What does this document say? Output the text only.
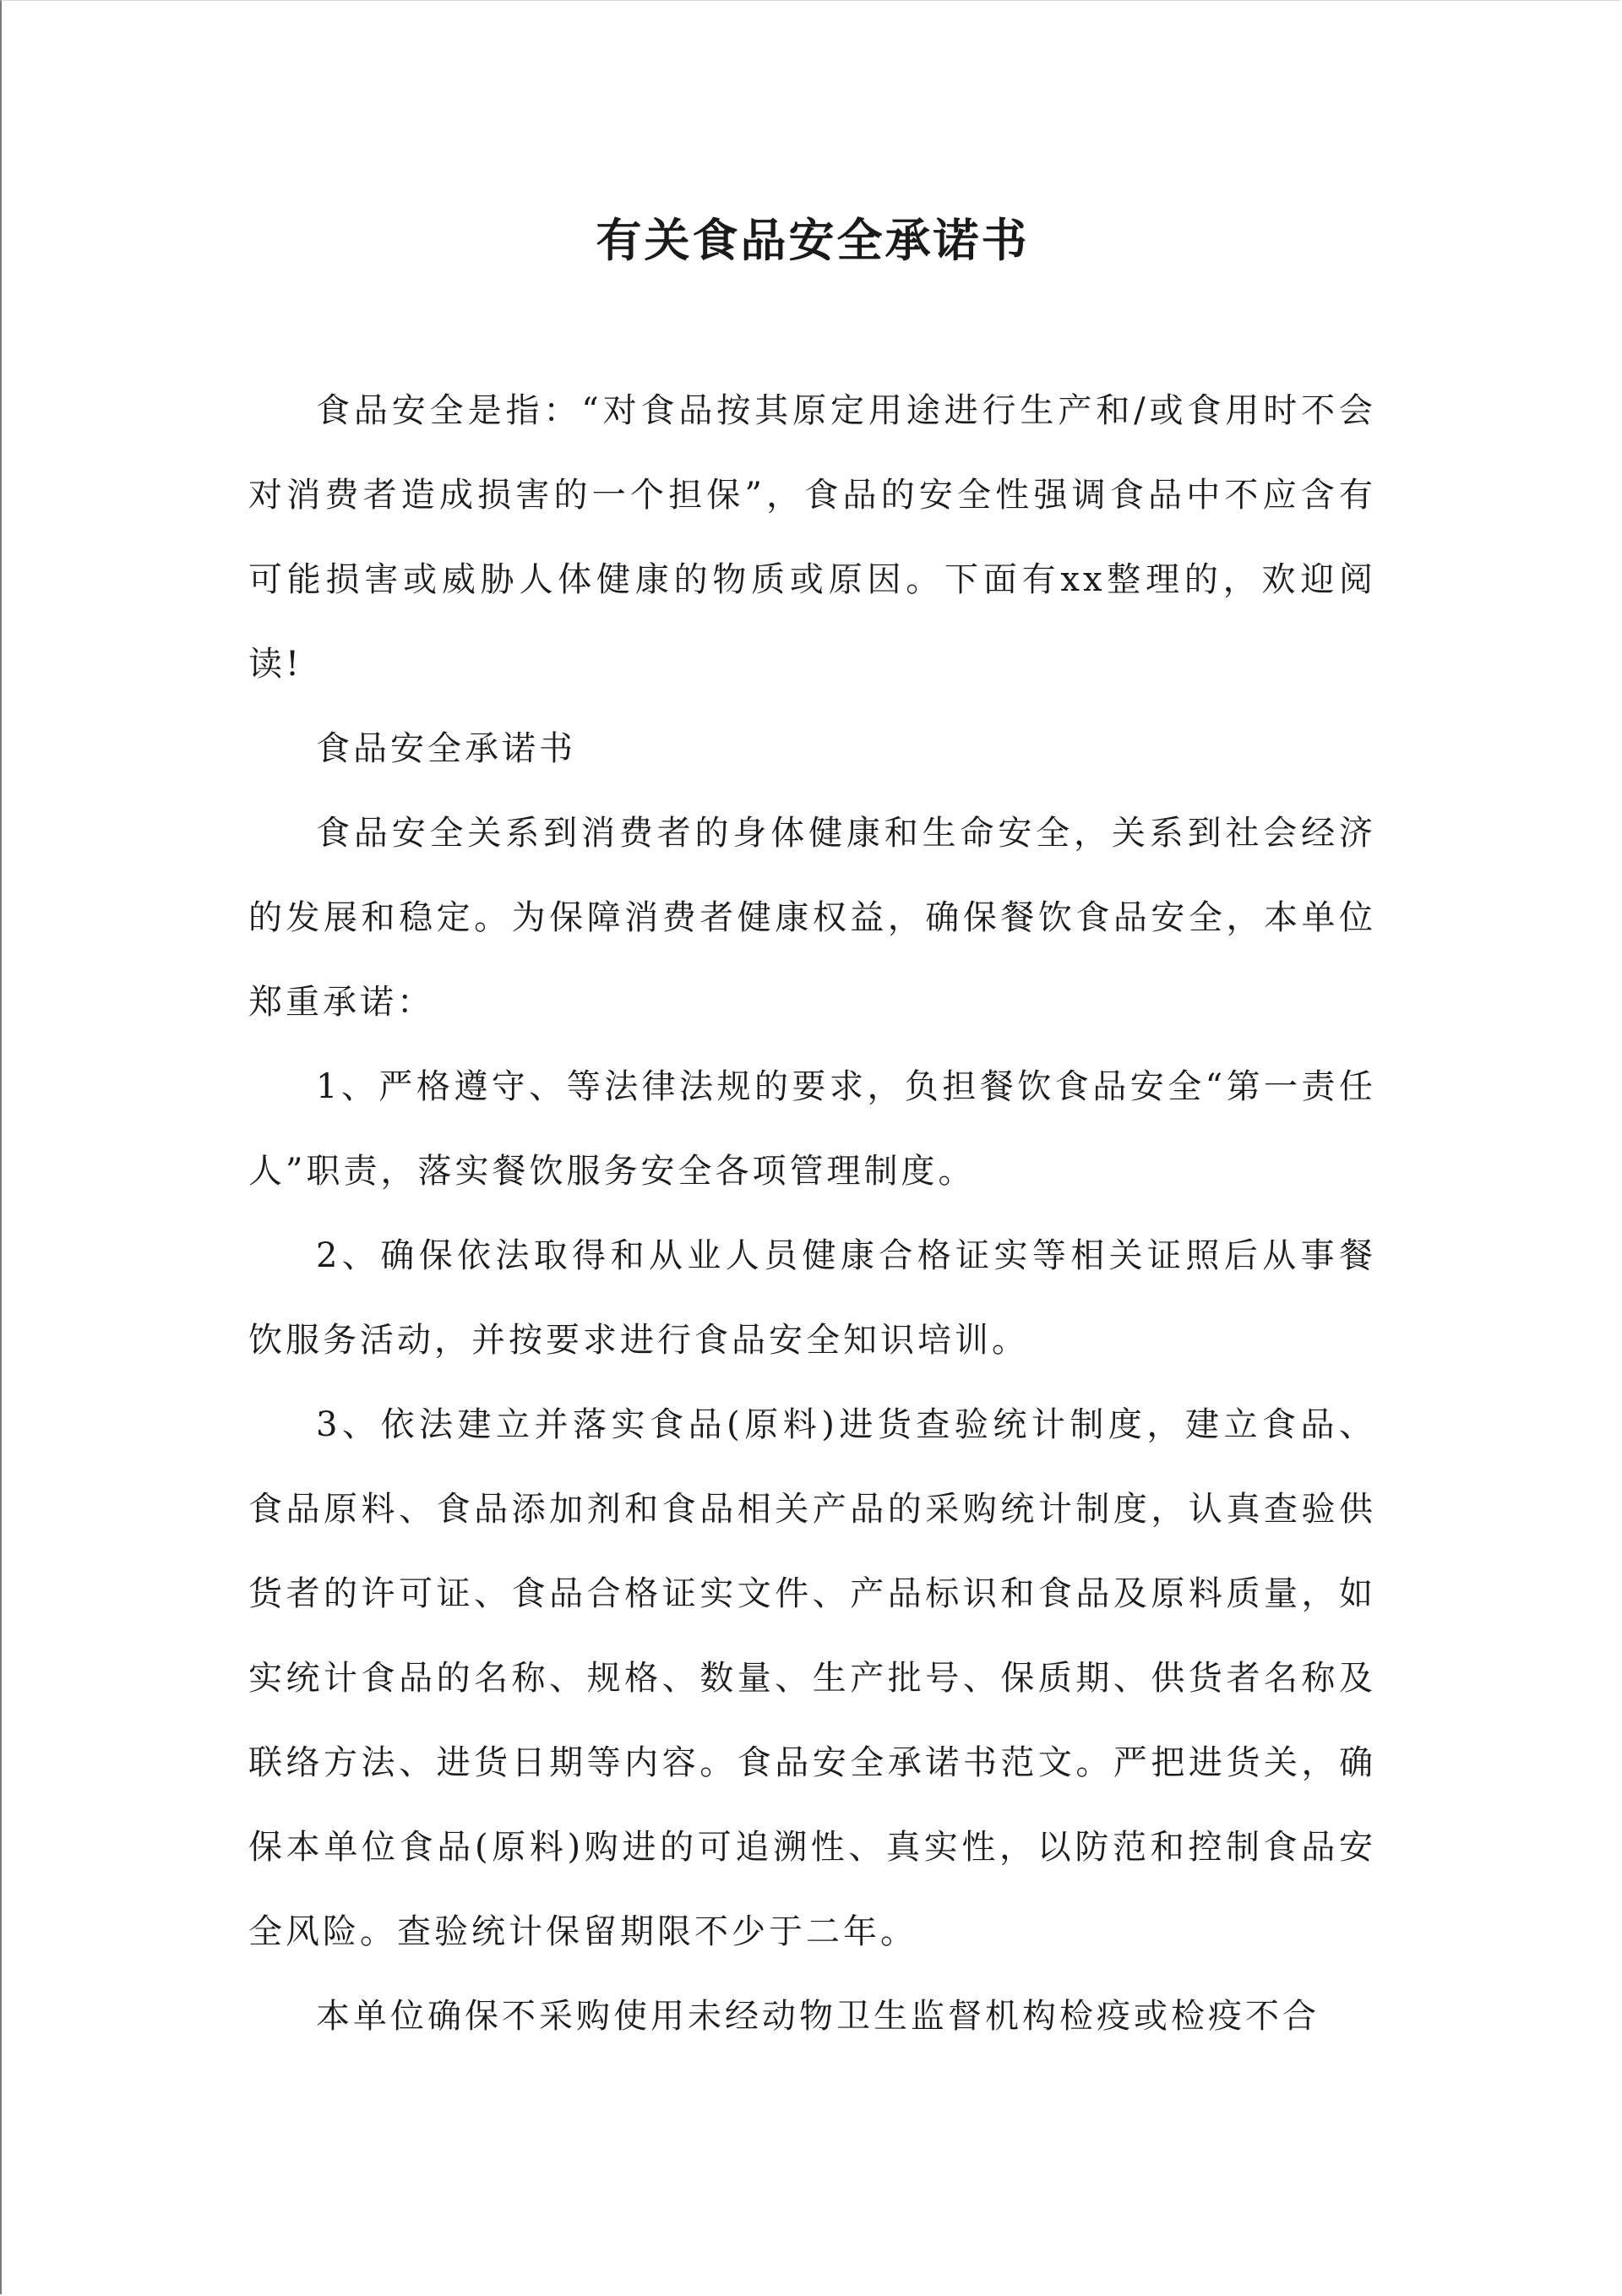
有关食品安全承诺书

食品安全是指：“对食品按其原定用途进行生产和/或食用时不会对消费者造成损害的一个担保”，食品的安全性强调食品中不应含有可能损害或威胁人体健康的物质或原因。下面有xx整理的，欢迎阅读!

食品安全承诺书

食品安全关系到消费者的身体健康和生命安全，关系到社会经济的发展和稳定。为保障消费者健康权益，确保餐饮食品安全，本单位郑重承诺：

1、严格遵守、等法律法规的要求，负担餐饮食品安全“第一责任人”职责，落实餐饮服务安全各项管理制度。

2、确保依法取得和从业人员健康合格证实等相关证照后从事餐饮服务活动，并按要求进行食品安全知识培训。

3、依法建立并落实食品(原料)进货查验统计制度，建立食品、食品原料、食品添加剂和食品相关产品的采购统计制度，认真查验供货者的许可证、食品合格证实文件、产品标识和食品及原料质量，如实统计食品的名称、规格、数量、生产批号、保质期、供货者名称及联络方法、进货日期等内容。食品安全承诺书范文。严把进货关，确保本单位食品(原料)购进的可追溯性、真实性，以防范和控制食品安全风险。查验统计保留期限不少于二年。

本单位确保不采购使用未经动物卫生监督机构检疫或检疫不合
